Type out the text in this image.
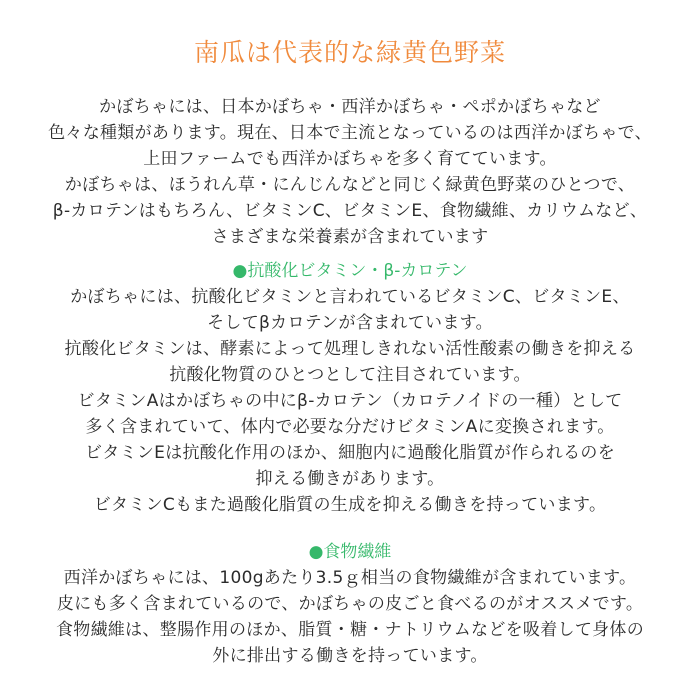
南瓜は代表的な緑黄色野菜
かぼちゃには、日本かぼちゃ・西洋かぼちゃ・ペポかぼちゃなど
色々な種類があります。現在、日本で主流となっているのは西洋かぼちゃで、
上田ファームでも西洋かぼちゃを多く育てています。
かぼちゃは、ほうれん草・にんじんなどと同じく緑黄色野菜のひとつで、
β-カロテンはもちろん、ビタミンC、ビタミンE、食物繊維、カリウムなど、
さまざまな栄養素が含まれています
●抗酸化ビタミン・β-カロテン
かぼちゃには、抗酸化ビタミンと言われているビタミンC、ビタミンE、
そしてβカロテンが含まれています。
抗酸化ビタミンは、酵素によって処理しきれない活性酸素の働きを抑える
抗酸化物質のひとつとして注目されています。
ビタミンAはかぼちゃの中にβ-カロテン（カロテノイドの一種）として
多く含まれていて、体内で必要な分だけビタミンAに変換されます。
ビタミンEは抗酸化作用のほか、細胞内に過酸化脂質が作られるのを
抑える働きがあります。
ビタミンCもまた過酸化脂質の生成を抑える働きを持っています。
●食物繊維
西洋かぼちゃには、100gあたり3.5ｇ相当の食物繊維が含まれています。
皮にも多く含まれているので、かぼちゃの皮ごと食べるのがオススメです。
食物繊維は、整腸作用のほか、脂質・糖・ナトリウムなどを吸着して身体の
外に排出する働きを持っています。
